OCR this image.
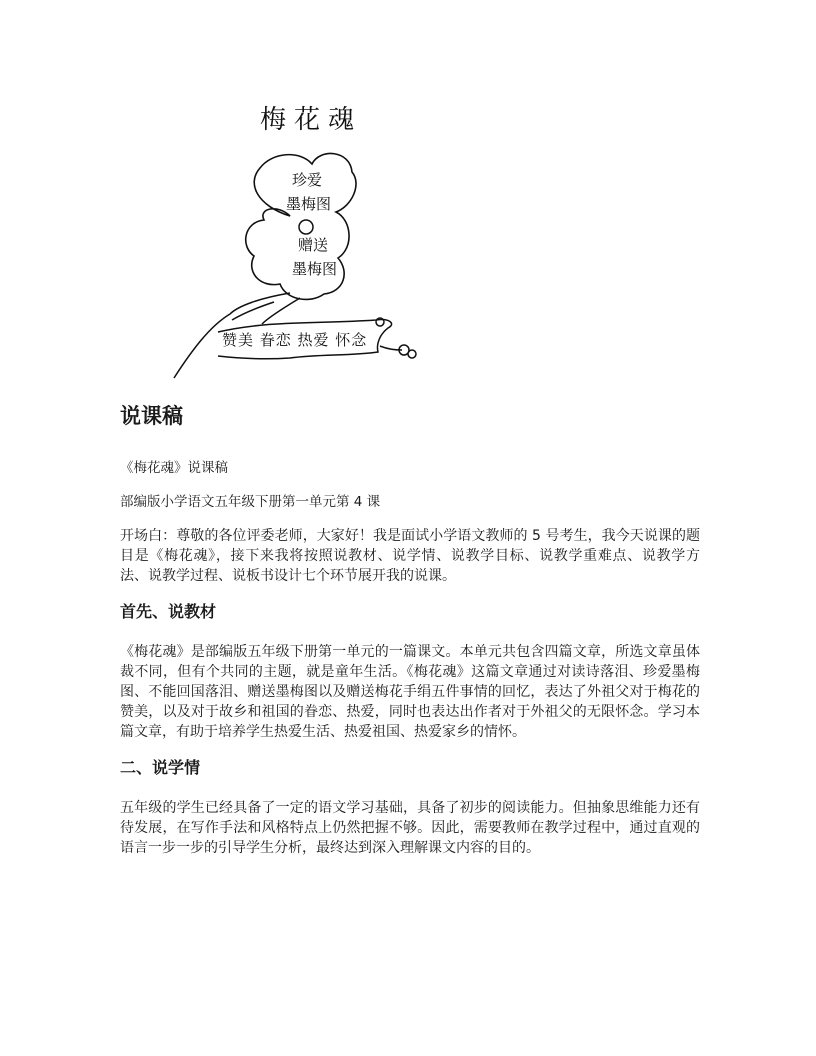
梅花魂
珍爱
墨梅图
赠送
墨梅图
赞美 眷恋 热爱 怀念
说课稿

《梅花魂》说课稿

部编版小学语文五年级下册第一单元第 4 课

开场白：尊敬的各位评委老师，大家好！我是面试小学语文教师的 5 号考生，我今天说课的题目是《梅花魂》，接下来我将按照说教材、说学情、说教学目标、说教学重难点、说教学方法、说教学过程、说板书设计七个环节展开我的说课。

首先、说教材

《梅花魂》是部编版五年级下册第一单元的一篇课文。本单元共包含四篇文章，所选文章虽体裁不同，但有个共同的主题，就是童年生活。《梅花魂》这篇文章通过对读诗落泪、珍爱墨梅图、不能回国落泪、赠送墨梅图以及赠送梅花手绢五件事情的回忆，表达了外祖父对于梅花的赞美，以及对于故乡和祖国的眷恋、热爱，同时也表达出作者对于外祖父的无限怀念。学习本篇文章，有助于培养学生热爱生活、热爱祖国、热爱家乡的情怀。

二、说学情

五年级的学生已经具备了一定的语文学习基础，具备了初步的阅读能力。但抽象思维能力还有待发展，在写作手法和风格特点上仍然把握不够。因此，需要教师在教学过程中，通过直观的语言一步一步的引导学生分析，最终达到深入理解课文内容的目的。
